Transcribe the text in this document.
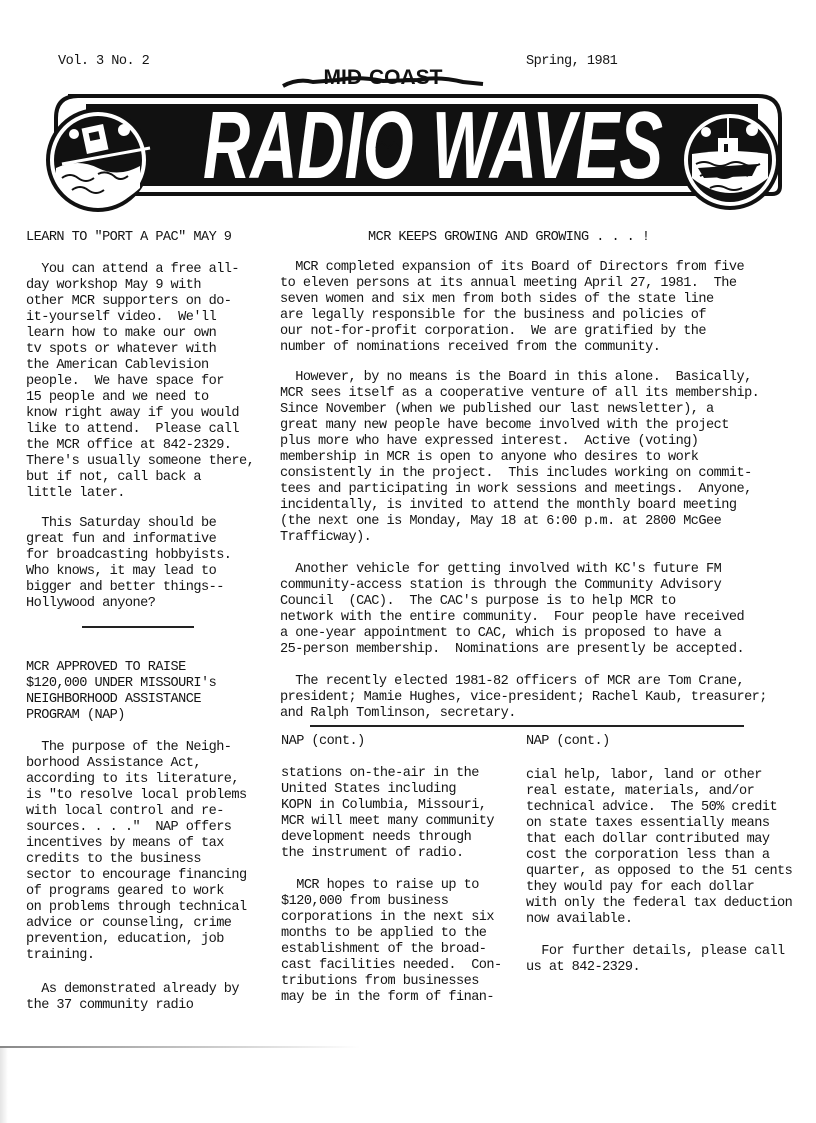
Vol. 3 No. 2	Spring, 1981
MID-COAST
RADIO WAVES
LEARN TO "PORT A PAC" MAY 9
You can attend a free all-
day workshop May 9 with
other MCR supporters on do-
it-yourself video.  We'll
learn how to make our own
tv spots or whatever with
the American Cablevision
people.  We have space for
15 people and we need to
know right away if you would
like to attend.  Please call
the MCR office at 842-2329.
There's usually someone there,
but if not, call back a
little later.
This Saturday should be
great fun and informative
for broadcasting hobbyists.
Who knows, it may lead to
bigger and better things--
Hollywood anyone?
MCR APPROVED TO RAISE
$120,000 UNDER MISSOURI's
NEIGHBORHOOD ASSISTANCE
PROGRAM (NAP)
The purpose of the Neigh-
borhood Assistance Act,
according to its literature,
is "to resolve local problems
with local control and re-
sources. . . ."  NAP offers
incentives by means of tax
credits to the business
sector to encourage financing
of programs geared to work
on problems through technical
advice or counseling, crime
prevention, education, job
training.
As demonstrated already by
the 37 community radio
MCR KEEPS GROWING AND GROWING . . . !
MCR completed expansion of its Board of Directors from five
to eleven persons at its annual meeting April 27, 1981.  The
seven women and six men from both sides of the state line
are legally responsible for the business and policies of
our not-for-profit corporation.  We are gratified by the
number of nominations received from the community.
However, by no means is the Board in this alone.  Basically,
MCR sees itself as a cooperative venture of all its membership.
Since November (when we published our last newsletter), a
great many new people have become involved with the project
plus more who have expressed interest.  Active (voting)
membership in MCR is open to anyone who desires to work
consistently in the project.  This includes working on commit-
tees and participating in work sessions and meetings.  Anyone,
incidentally, is invited to attend the monthly board meeting
(the next one is Monday, May 18 at 6:00 p.m. at 2800 McGee
Trafficway).
Another vehicle for getting involved with KC's future FM
community-access station is through the Community Advisory
Council  (CAC).  The CAC's purpose is to help MCR to
network with the entire community.  Four people have received
a one-year appointment to CAC, which is proposed to have a
25-person membership.  Nominations are presently be accepted.
The recently elected 1981-82 officers of MCR are Tom Crane,
president; Mamie Hughes, vice-president; Rachel Kaub, treasurer;
and Ralph Tomlinson, secretary.
NAP (cont.)
stations on-the-air in the
United States including
KOPN in Columbia, Missouri,
MCR will meet many community
development needs through
the instrument of radio.
MCR hopes to raise up to
$120,000 from business
corporations in the next six
months to be applied to the
establishment of the broad-
cast facilities needed.  Con-
tributions from businesses
may be in the form of finan-
NAP (cont.)
cial help, labor, land or other
real estate, materials, and/or
technical advice.  The 50% credit
on state taxes essentially means
that each dollar contributed may
cost the corporation less than a
quarter, as opposed to the 51 cents
they would pay for each dollar
with only the federal tax deduction
now available.
For further details, please call
us at 842-2329.
